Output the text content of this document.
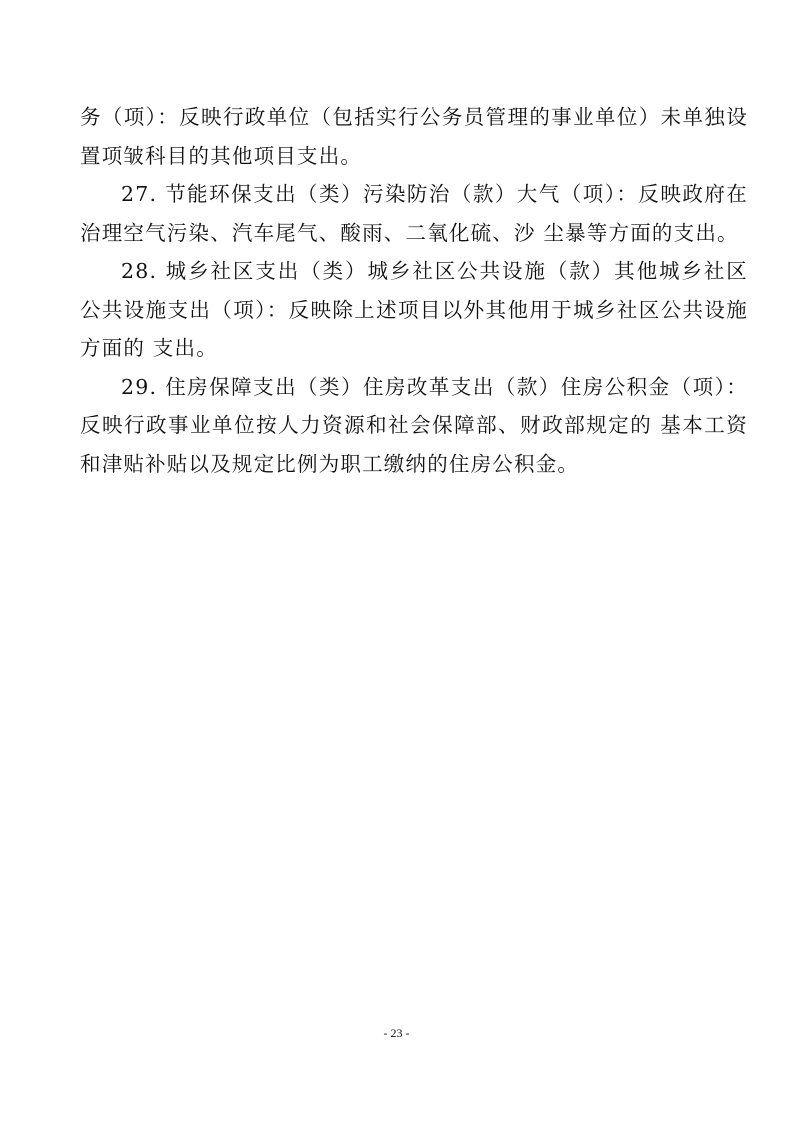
务（项）：反映行政单位（包括实行公务员管理的事业单位）未单独设置项皱科目的其他项目支出。

27. 节能环保支出（类）污染防治（款）大气（项）：反映政府在治理空气污染、汽车尾气、酸雨、二氧化硫、沙 尘暴等方面的支出。

28. 城乡社区支出（类）城乡社区公共设施（款）其他城乡社区公共设施支出（项）：反映除上述项目以外其他用于城乡社区公共设施方面的 支出。

29. 住房保障支出（类）住房改革支出（款）住房公积金（项）：反映行政事业单位按人力资源和社会保障部、财政部规定的 基本工资和津贴补贴以及规定比例为职工缴纳的住房公积金。

- 23 -
